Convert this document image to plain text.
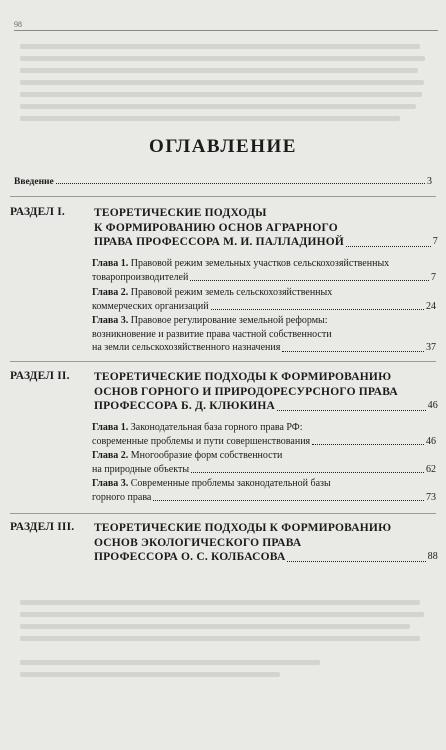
98
ОГЛАВЛЕНИЕ
Введение	3
РАЗДЕЛ I.	ТЕОРЕТИЧЕСКИЕ ПОДХОДЫ
К ФОРМИРОВАНИЮ ОСНОВ АГРАРНОГО
ПРАВА ПРОФЕССОРА М. И. ПАЛЛАДИНОЙ	7
Глава 1. Правовой режим земельных участков сельскохозяйственных
товаропроизводителей	7
Глава 2. Правовой режим земель сельскохозяйственных
коммерческих организаций	24
Глава 3. Правовое регулирование земельной реформы:
возникновение и развитие права частной собственности
на земли сельскохозяйственного назначения	37
РАЗДЕЛ II. ТЕОРЕТИЧЕСКИЕ ПОДХОДЫ К ФОРМИРОВАНИЮ
ОСНОВ ГОРНОГО И ПРИРОДОРЕСУРСНОГО ПРАВА
ПРОФЕССОРА Б. Д. КЛЮКИНА	46
Глава 1. Законодательная база горного права РФ:
современные проблемы и пути совершенствования	46
Глава 2. Многообразие форм собственности
на природные объекты	62
Глава 3. Современные проблемы законодательной базы
горного права	73
РАЗДЕЛ III. ТЕОРЕТИЧЕСКИЕ ПОДХОДЫ К ФОРМИРОВАНИЮ
ОСНОВ ЭКОЛОГИЧЕСКОГО ПРАВА
ПРОФЕССОРА О. С. КОЛБАСОВА	88
